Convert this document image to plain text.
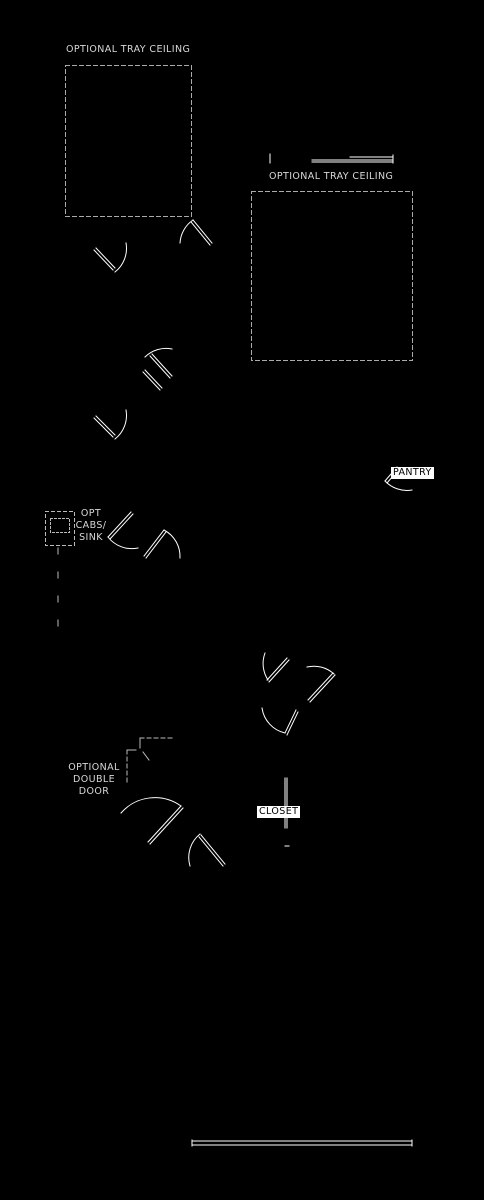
OPTIONAL TRAY CEILING
OPTIONAL TRAY CEILING
PANTRY
OPT
CABS/
SINK
OPTIONAL
DOUBLE
DOOR
CLOSET
